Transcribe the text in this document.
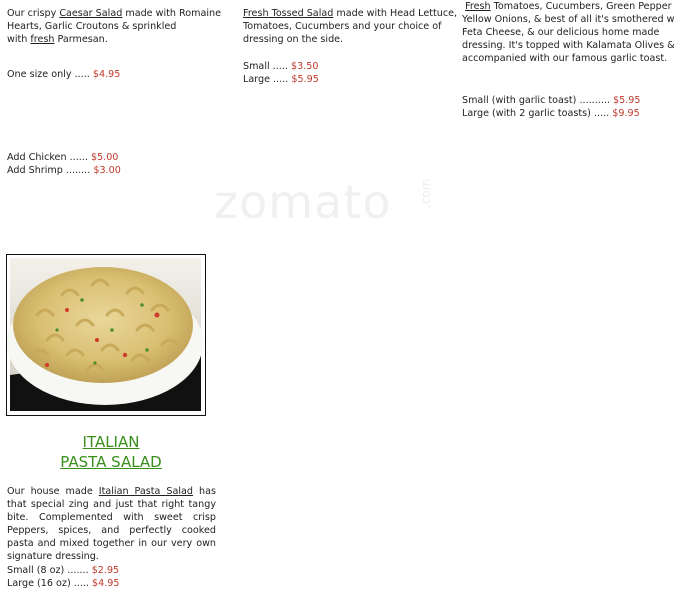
zomato .com
Our crispy Caesar Salad made with Romaine
Hearts, Garlic Croutons & sprinkled
with fresh Parmesan.
One size only ..... $4.95
Add Chicken ...... $5.00
Add Shrimp ........ $3.00
Fresh Tossed Salad made with Head Lettuce,
Tomatoes, Cucumbers and your choice of
dressing on the side.
Small ..... $3.50
Large ..... $5.95
Fresh Tomatoes, Cucumbers, Green Pepper
Yellow Onions, & best of all it's smothered w
Feta Cheese, & our delicious home made
dressing. It's topped with Kalamata Olives &
accompanied with our famous garlic toast.
Small (with garlic toast) .......... $5.95
Large (with 2 garlic toasts) ..... $9.95
ITALIAN
PASTA SALAD
Our house made Italian Pasta Salad has that special zing and just that right tangy bite. Complemented with sweet crisp Peppers, spices, and perfectly cooked pasta and mixed together in our very own signature dressing.
Small (8 oz) ....... $2.95
Large (16 oz) ..... $4.95
